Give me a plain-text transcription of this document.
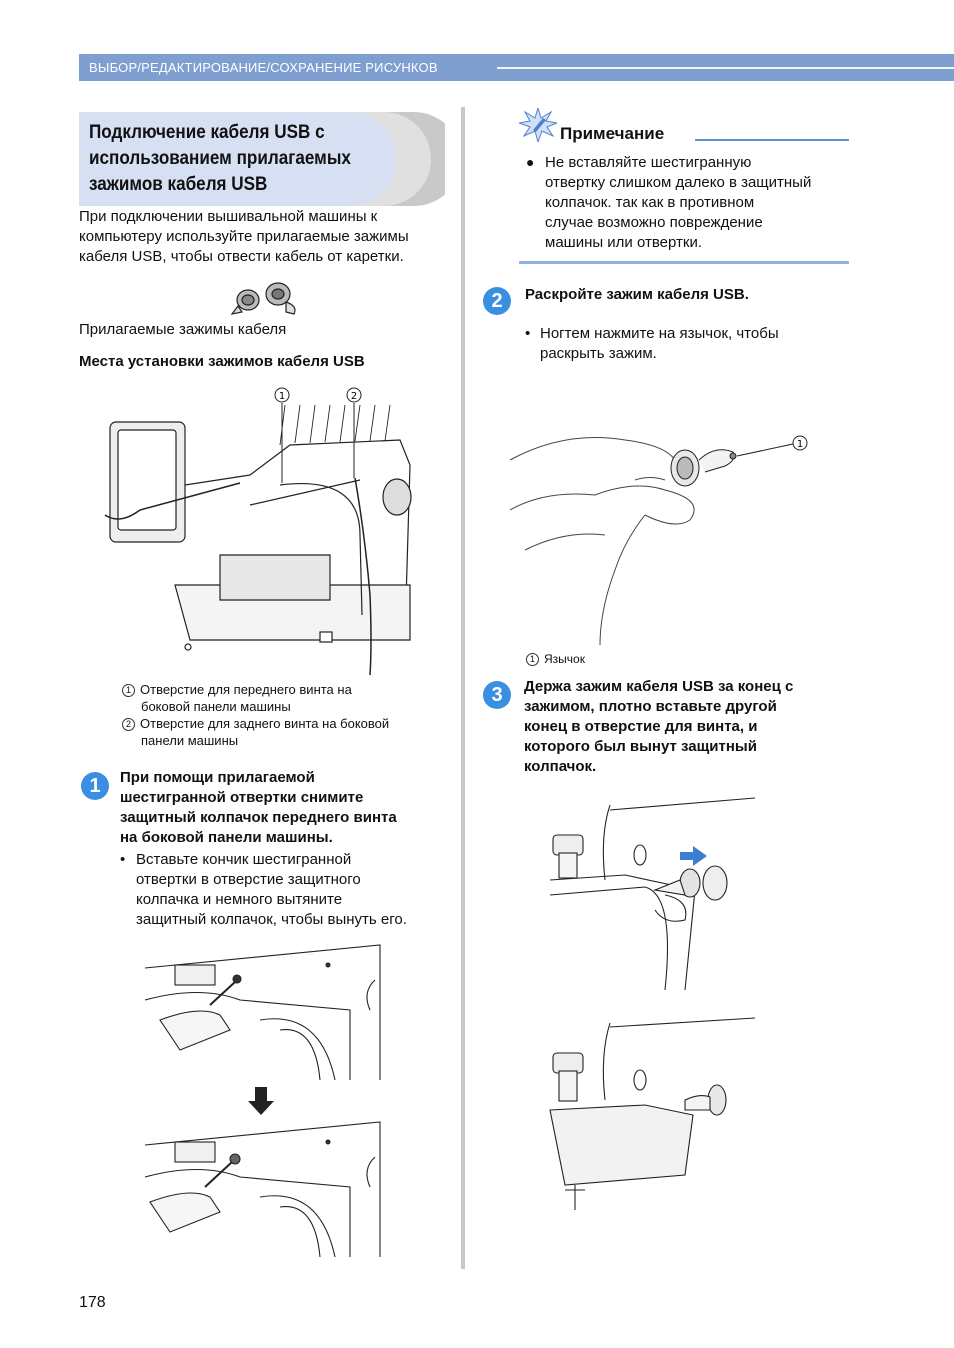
ВЫБОР/РЕДАКТИРОВАНИЕ/СОХРАНЕНИЕ РИСУНКОВ
Подключение кабеля USB с
использованием прилагаемых
зажимов кабеля USB
При подключении вышивальной машины к
компьютеру используйте прилагаемые зажимы
кабеля USB, чтобы отвести кабель от каретки.
Прилагаемые зажимы кабеля
Места установки зажимов кабеля USB
1	2
1 Отверстие для переднего винта на
боковой панели машины
2 Отверстие для заднего винта на боковой
панели машины
1	При помощи прилагаемой
шестигранной отвертки снимите
защитный колпачок переднего винта
на боковой панели машины.
• Вставьте кончик шестигранной
отвертки в отверстие защитного
колпачка и немного вытяните
защитный колпачок, чтобы вынуть его.
Примечание
● Не вставляйте шестигранную
отвертку слишком далеко в защитный
колпачок. так как в противном
случае возможно повреждение
машины или отвертки.
2	Раскройте зажим кабеля USB.
• Ногтем нажмите на язычок, чтобы
раскрыть зажим.
1
1 Язычок
3	Держа зажим кабеля USB за конец с
зажимом, плотно вставьте другой
конец в отверстие для винта, и
которого был вынут защитный
колпачок.
178
